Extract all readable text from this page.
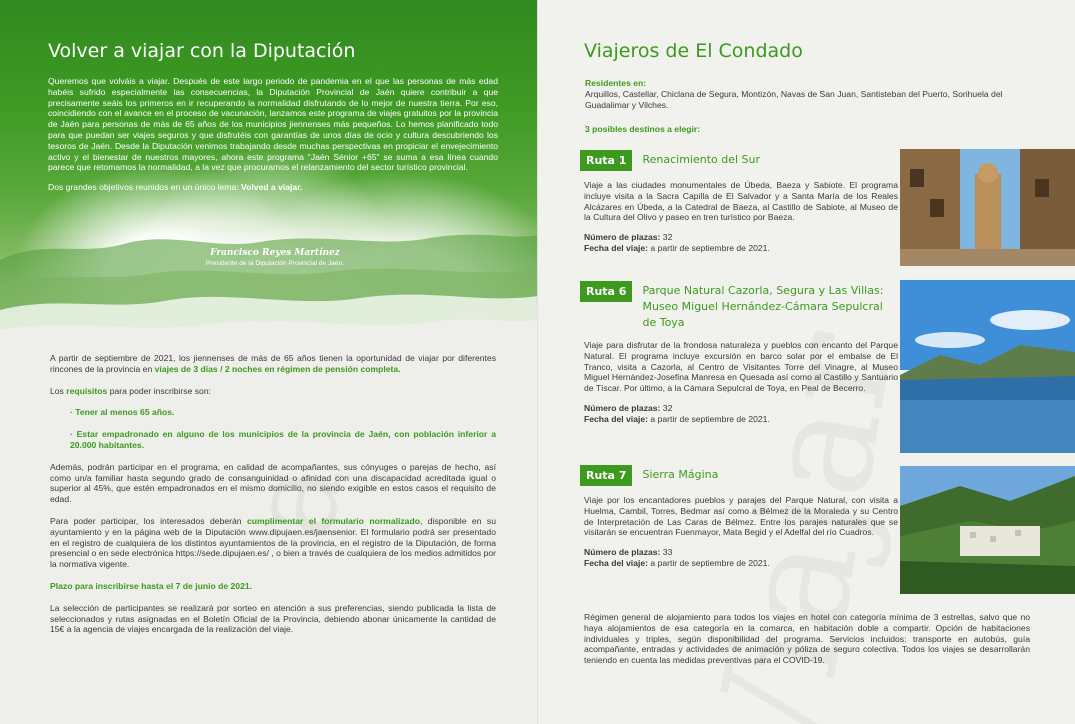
Volver a viajar con la Diputación

Queremos que volváis a viajar. Después de este largo periodo de pandemia en el que las personas de más edad habéis sufrido especialmente las consecuencias, la Diputación Provincial de Jaén quiere contribuir a que precisamente seáis los primeros en ir recuperando la normalidad disfrutando de lo mejor de nuestra tierra. Por eso, coincidiendo con el avance en el proceso de vacunación, lanzamos este programa de viajes gratuitos por la provincia de Jaén para personas de más de 65 años de los municipios jiennenses más pequeños. Lo hemos planificado todo para que puedan ser viajes seguros y que disfrutéis con garantías de unos días de ocio y cultura descubriendo los tesoros de Jaén. Desde la Diputación venimos trabajando desde muchas perspectivas en propiciar el envejecimiento activo y el bienestar de nuestros mayores, ahora este programa "Jaén Sénior +65" se suma a esa línea cuando parece que retomamos la normalidad, a la vez que procuramos el relanzamiento del sector turístico provincial.

Dos grandes objetivos reunidos en un único lema: Volved a viajar.

Francisco Reyes Martínez
Presidente de la Diputación Provincial de Jaén.

A partir de septiembre de 2021, los jiennenses de más de 65 años tienen la oportunidad de viajar por diferentes rincones de la provincia en viajes de 3 días / 2 noches en régimen de pensión completa.

Los requisitos para poder inscribirse son:

· Tener al menos 65 años.

· Estar empadronado en alguno de los municipios de la provincia de Jaén, con población inferior a 20.000 habitantes.

Además, podrán participar en el programa, en calidad de acompañantes, sus cónyuges o parejas de hecho, así como un/a familiar hasta segundo grado de consanguinidad o afinidad con una discapacidad acreditada igual o superior al 45%, que estén empadronados en el mismo domicilio, no siendo exigible en estos casos el requisito de edad.

Para poder participar, los interesados deberán cumplimentar el formulario normalizado, disponible en su ayuntamiento y en la página web de la Diputación www.dipujaen.es/jaensenior. El formulario podrá ser presentado en el registro de cualquiera de los distintos ayuntamientos de la provincia, en el registro de la Diputación, de forma presencial o en sede electrónica https://sede.dipujaen.es/ , o bien a través de cualquiera de los medios admitidos por la normativa vigente.

Plazo para inscribirse hasta el 7 de junio de 2021.

La selección de participantes se realizará por sorteo en atención a sus preferencias, siendo publicada la lista de seleccionados y rutas asignadas en el Boletín Oficial de la Provincia, debiendo abonar únicamente la cantidad de 15€ a la agencia de viajes encargada de la realización del viaje.

Viajeros de El Condado
Residentes en:
Arquillos, Castellar, Chiclana de Segura, Montizón, Navas de San Juan, Santisteban del Puerto, Sorihuela del Guadalimar y Vilches.
3 posibles destinos a elegir:
Ruta 1	Renacimiento del Sur
Viaje a las ciudades monumentales de Úbeda, Baeza y Sabiote. El programa incluye visita a la Sacra Capilla de El Salvador y a Santa María de los Reales Alcázares en Úbeda, a la Catedral de Baeza, al Castillo de Sabiote, al Museo de la Cultura del Olivo y paseo en tren turístico por Baeza.
Número de plazas: 32
Fecha del viaje: a partir de septiembre de 2021.
Ruta 6	Parque Natural Cazorla, Segura y Las Villas: Museo Miguel Hernández-Cámara Sepulcral de Toya
Viaje para disfrutar de la frondosa naturaleza y pueblos con encanto del Parque Natural. El programa incluye excursión en barco solar por el embalse de El Tranco, visita a Cazorla, al Centro de Visitantes Torre del Vinagre, al Museo Miguel Hernández-Josefina Manresa en Quesada así como al Castillo y Santuario de Tíscar. Por último, a la Cámara Sepulcral de Toya, en Peal de Becerro.
Número de plazas: 32
Fecha del viaje: a partir de septiembre de 2021.
Ruta 7	Sierra Mágina
Viaje por los encantadores pueblos y parajes del Parque Natural, con visita a Huelma, Cambil, Torres, Bedmar así como a Bélmez de la Moraleda y su Centro de Interpretación de Las Caras de Bélmez. Entre los parajes naturales que se visitarán se encuentran Fuenmayor, Mata Begid y el Adelfal del río Cuadros.
Número de plazas: 33
Fecha del viaje: a partir de septiembre de 2021.
Régimen general de alojamiento para todos los viajes en hotel con categoría mínima de 3 estrellas, salvo que no haya alojamientos de esa categoría en la comarca, en habitación doble a compartir. Opción de habitaciones individuales y triples, según disponibilidad del programa. Servicios incluidos: transporte en autobús, guía acompañante, entradas y actividades de animación y póliza de seguro colectiva. Todos los viajes se desarrollarán teniendo en cuenta las medidas preventivas para el COVID-19.
